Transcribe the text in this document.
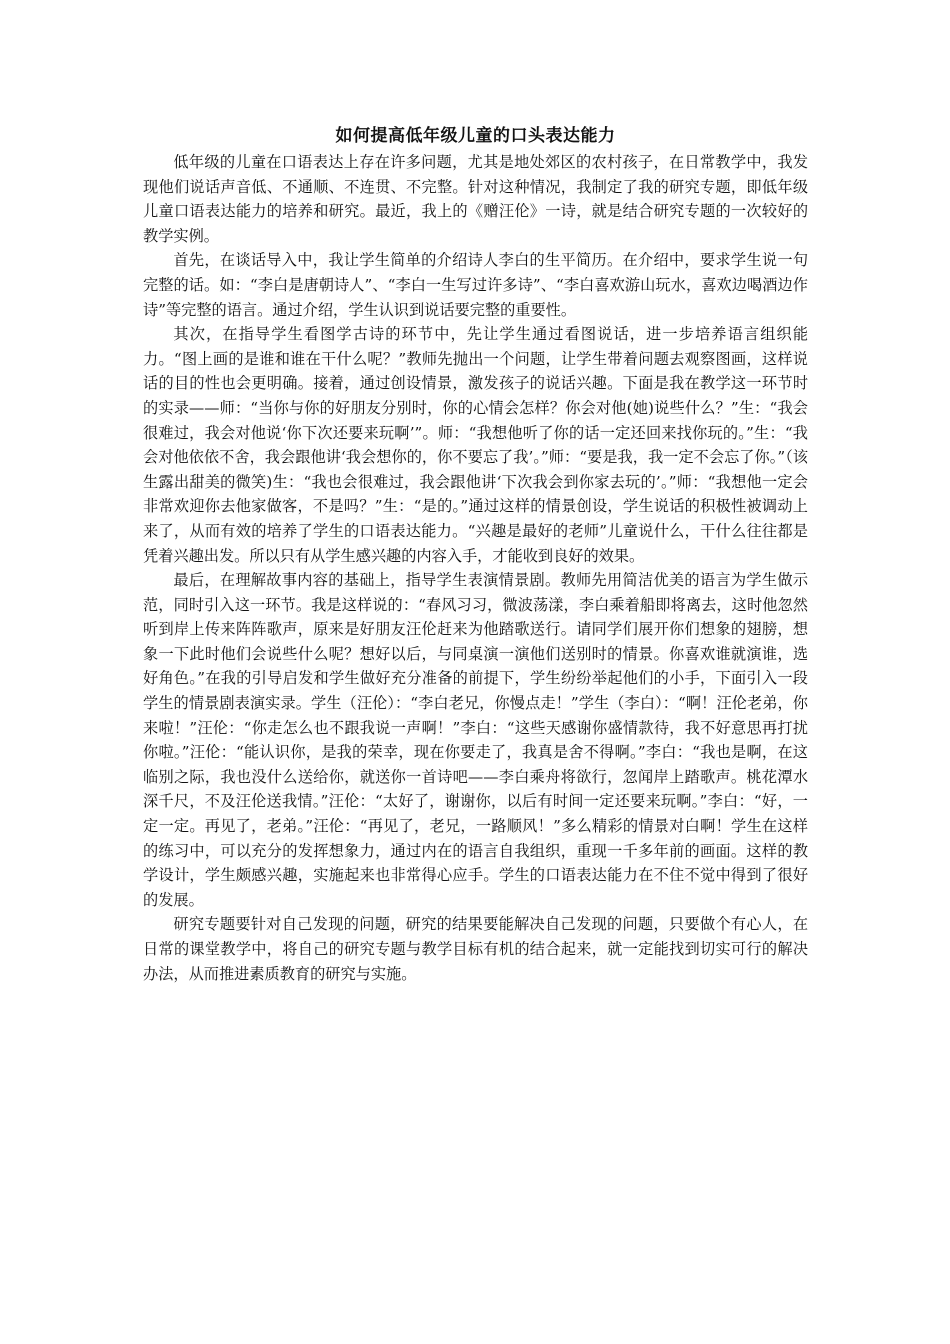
如何提高低年级儿童的口头表达能力

低年级的儿童在口语表达上存在许多问题，尤其是地处郊区的农村孩子，在日常教学中，我发现他们说话声音低、不通顺、不连贯、不完整。针对这种情况，我制定了我的研究专题，即低年级儿童口语表达能力的培养和研究。最近，我上的《赠汪伦》一诗，就是结合研究专题的一次较好的教学实例。

首先，在谈话导入中，我让学生简单的介绍诗人李白的生平简历。在介绍中，要求学生说一句完整的话。如：“李白是唐朝诗人”、“李白一生写过许多诗”、“李白喜欢游山玩水，喜欢边喝酒边作诗”等完整的语言。通过介绍，学生认识到说话要完整的重要性。

其次，在指导学生看图学古诗的环节中，先让学生通过看图说话，进一步培养语言组织能力。“图上画的是谁和谁在干什么呢？”教师先抛出一个问题，让学生带着问题去观察图画，这样说话的目的性也会更明确。接着，通过创设情景，激发孩子的说话兴趣。下面是我在教学这一环节时的实录——师：“当你与你的好朋友分别时，你的心情会怎样？你会对他(她)说些什么？”生：“我会很难过，我会对他说‘你下次还要来玩啊’”。师：“我想他听了你的话一定还回来找你玩的。”生：“我会对他依依不舍，我会跟他讲‘我会想你的，你不要忘了我’。”师：“要是我，我一定不会忘了你。”（该生露出甜美的微笑)生：“我也会很难过，我会跟他讲‘下次我会到你家去玩的’。”师：“我想他一定会非常欢迎你去他家做客，不是吗？”生：“是的。”通过这样的情景创设，学生说话的积极性被调动上来了，从而有效的培养了学生的口语表达能力。“兴趣是最好的老师”儿童说什么，干什么往往都是凭着兴趣出发。所以只有从学生感兴趣的内容入手，才能收到良好的效果。

最后，在理解故事内容的基础上，指导学生表演情景剧。教师先用简洁优美的语言为学生做示范，同时引入这一环节。我是这样说的：“春风习习，微波荡漾，李白乘着船即将离去，这时他忽然听到岸上传来阵阵歌声，原来是好朋友汪伦赶来为他踏歌送行。请同学们展开你们想象的翅膀，想象一下此时他们会说些什么呢？想好以后，与同桌演一演他们送别时的情景。你喜欢谁就演谁，选好角色。”在我的引导启发和学生做好充分准备的前提下，学生纷纷举起他们的小手，下面引入一段学生的情景剧表演实录。学生（汪伦）：“李白老兄，你慢点走！”学生（李白）：“啊！汪伦老弟，你来啦！”汪伦：“你走怎么也不跟我说一声啊！”李白：“这些天感谢你盛情款待，我不好意思再打扰你啦。”汪伦：“能认识你，是我的荣幸，现在你要走了，我真是舍不得啊。”李白：“我也是啊，在这临别之际，我也没什么送给你，就送你一首诗吧——李白乘舟将欲行，忽闻岸上踏歌声。桃花潭水深千尺，不及汪伦送我情。”汪伦：“太好了，谢谢你，以后有时间一定还要来玩啊。”李白：“好，一定一定。再见了，老弟。”汪伦：“再见了，老兄，一路顺风！”多么精彩的情景对白啊！学生在这样的练习中，可以充分的发挥想象力，通过内在的语言自我组织，重现一千多年前的画面。这样的教学设计，学生颇感兴趣，实施起来也非常得心应手。学生的口语表达能力在不住不觉中得到了很好的发展。

研究专题要针对自己发现的问题，研究的结果要能解决自己发现的问题，只要做个有心人，在日常的课堂教学中，将自己的研究专题与教学目标有机的结合起来，就一定能找到切实可行的解决办法，从而推进素质教育的研究与实施。
